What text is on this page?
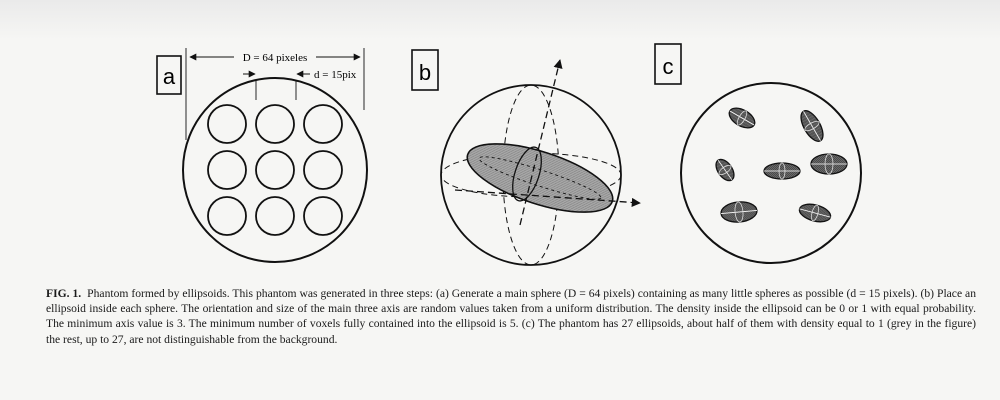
a
D = 64 pixeles
d = 15pix	b	c
FIG. 1. Phantom formed by ellipsoids. This phantom was generated in three steps: (a) Generate a main sphere (D = 64 pixels) containing as many little spheres as possible (d = 15 pixels). (b) Place an ellipsoid inside each sphere. The orientation and size of the main three axis are random values taken from a uniform distribution. The density inside the ellipsoid can be 0 or 1 with equal probability. The minimum axis value is 3. The minimum number of voxels fully contained into the ellipsoid is 5. (c) The phantom has 27 ellipsoids, about half of them with density equal to 1 (grey in the figure) the rest, up to 27, are not distinguishable from the background.
